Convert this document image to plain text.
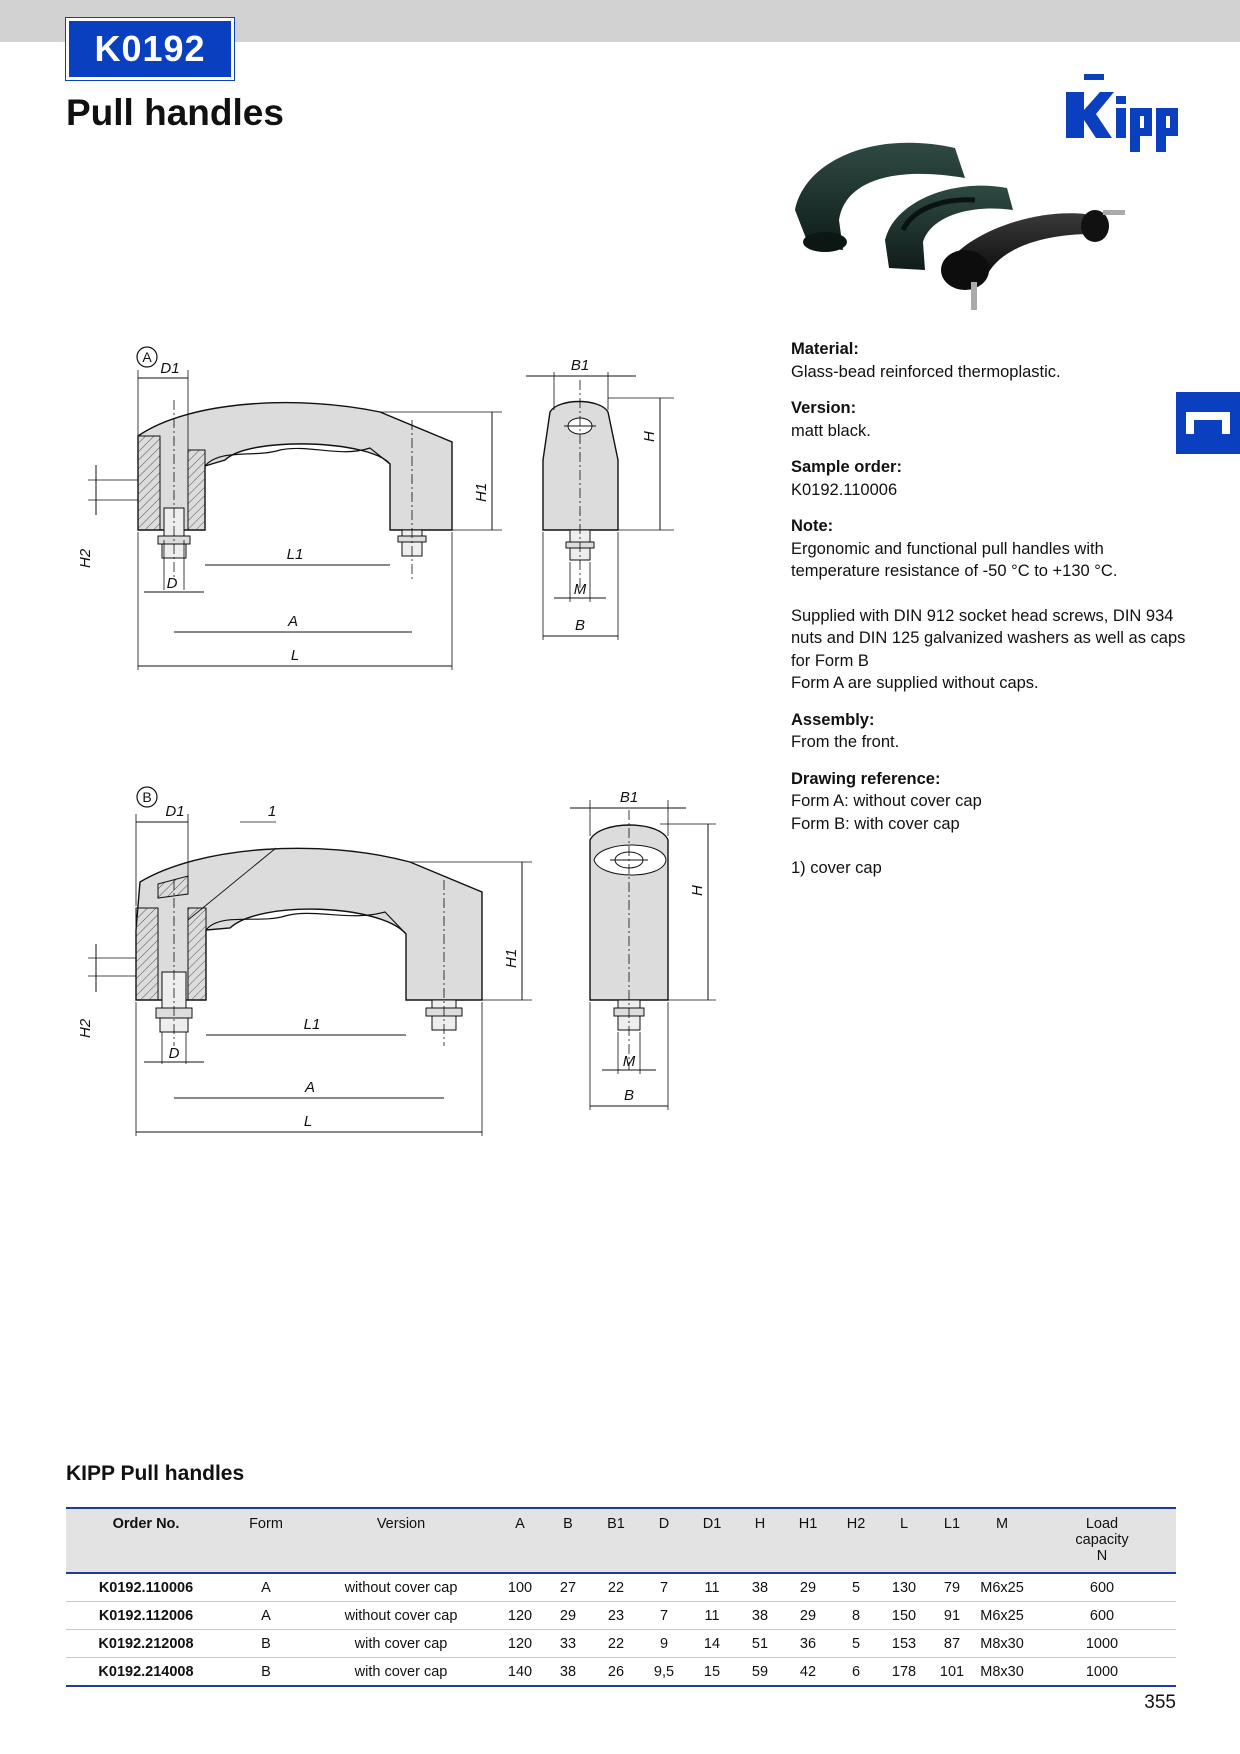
K0192
Pull handles
A
D1
H2	L1
D
A
L
H1
B1
H
M
B
B
D1	1
H2	L1
D
A
L
H1
B1
H
M
B

Material:

Glass-bead reinforced thermoplastic.

Version:

matt black.

Sample order:

K0192.110006

Note:

Ergonomic and functional pull handles with

temperature resistance of -50 °C to +130 °C.

Supplied with DIN 912 socket head screws, DIN 934

nuts and DIN 125 galvanized washers as well as caps

for Form B

Form A are supplied without caps.

Assembly:

From the front.

Drawing reference:

Form A: without cover cap

Form B: with cover cap

1) cover cap

KIPP Pull handles
Order No.	Form	Version	A	B	B1	D	D1	H	H1	H2	L	L1	M	Load
capacity
N

K0192.110006	A	without cover cap	100	27	22	7	11	38	29	5	130	79	M6x25	600
K0192.112006	A	without cover cap	120	29	23	7	11	38	29	8	150	91	M6x25	600
K0192.212008	B	with cover cap	120	33	22	9	14	51	36	5	153	87	M8x30	1000
K0192.214008	B	with cover cap	140	38	26	9,5	15	59	42	6	178	101	M8x30	1000
355
